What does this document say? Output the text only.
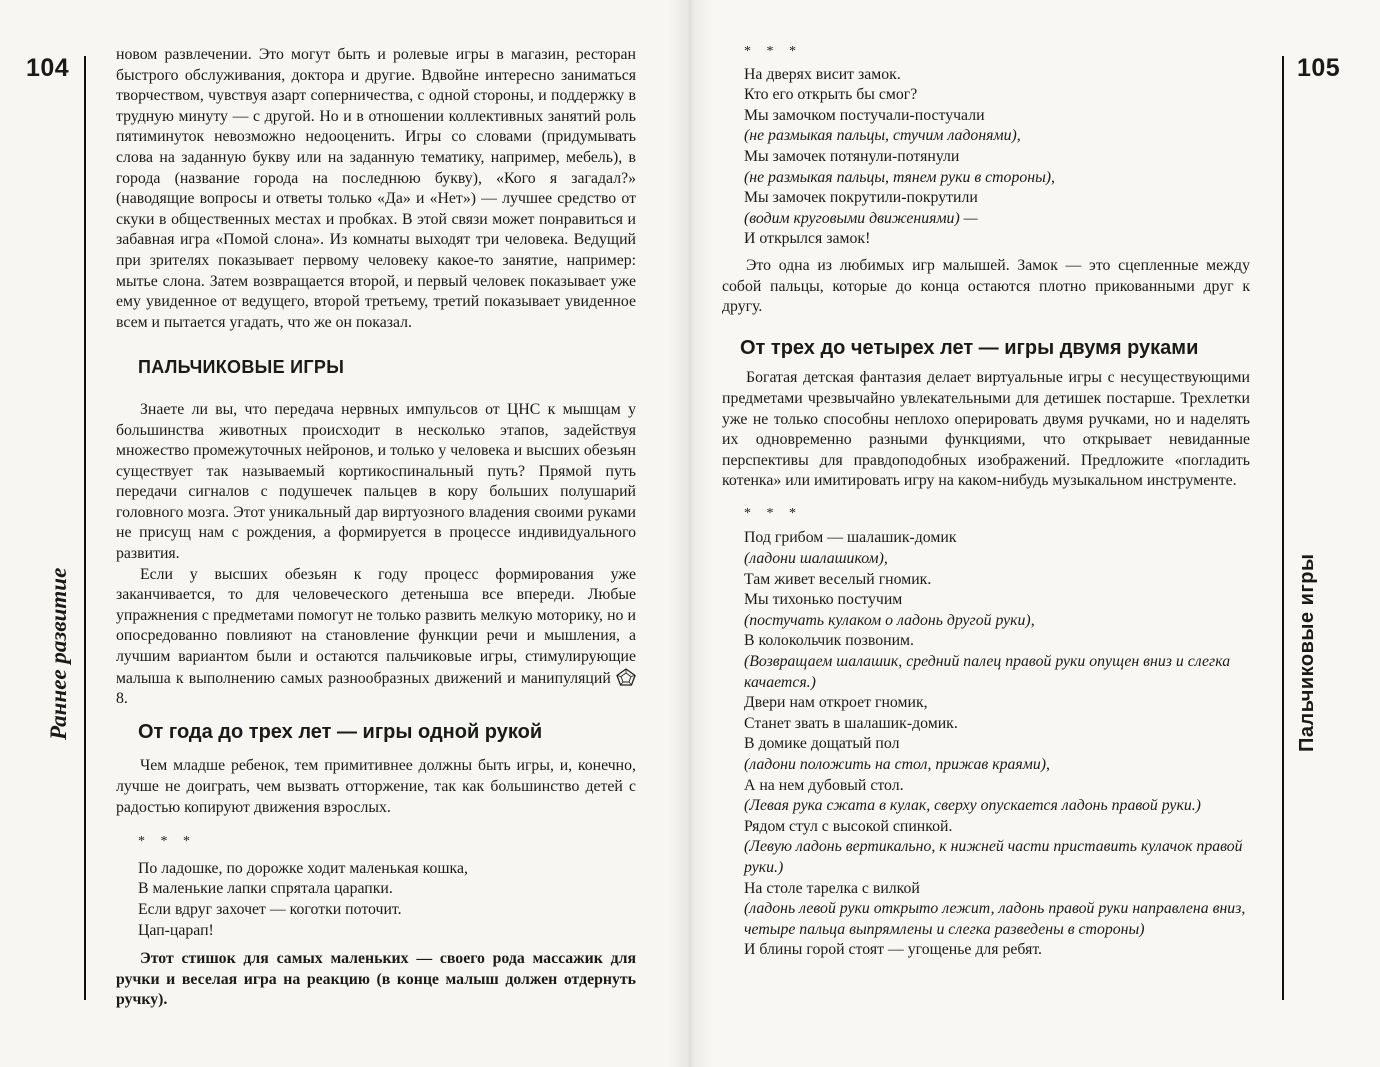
104
Раннее развитие

новом развлечении. Это могут быть и ролевые игры в магазин, ресторан быстрого обслуживания, доктора и другие. Вдвойне интересно заниматься творчеством, чувствуя азарт соперничества, с одной стороны, и поддержку в трудную минуту — с другой. Но и в отношении коллективных занятий роль пятиминуток невозможно недооценить. Игры со словами (придумывать слова на заданную букву или на заданную тематику, например, мебель), в города (название города на последнюю букву), «Кого я загадал?» (наводящие вопросы и ответы только «Да» и «Нет») — лучшее средство от скуки в общественных местах и пробках. В этой связи может понравиться и забавная игра «Помой слона». Из комнаты выходят три человека. Ведущий при зрителях показывает первому человеку какое-то занятие, например: мытье слона. Затем возвращается второй, и первый человек показывает уже ему увиденное от ведущего, второй третьему, третий показывает увиденное всем и пытается угадать, что же он показал.

ПАЛЬЧИКОВЫЕ ИГРЫ

Знаете ли вы, что передача нервных импульсов от ЦНС к мышцам у большинства животных происходит в несколько этапов, задействуя множество промежуточных нейронов, и только у человека и высших обезьян существует так называемый кортикоспинальный путь? Прямой путь передачи сигналов с подушечек пальцев в кору больших полушарий головного мозга. Этот уникальный дар виртуозного владения своими руками не присущ нам с рождения, а формируется в процессе индивидуального развития.

Если у высших обезьян к году процесс формирования уже заканчивается, то для человеческого детеныша все впереди. Любые упражнения с предметами помогут не только развить мелкую моторику, но и опосредованно повлияют на становление функции речи и мышления, а лучшим вариантом были и остаются пальчиковые игры, стимулирующие малыша к выполнению самых разнообразных движений и манипуляций 8.

От года до трех лет — игры одной рукой

Чем младше ребенок, тем примитивнее должны быть игры, и, конечно, лучше не доиграть, чем вызвать отторжение, так как большинство детей с радостью копируют движения взрослых.

* * *

По ладошке, по дорожке ходит маленькая кошка,
В маленькие лапки спрятала царапки.
Если вдруг захочет — коготки поточит.
Цап-царап!

Этот стишок для самых маленьких — своего рода массажик для ручки и веселая игра на реакцию (в конце малыш должен отдернуть ручку).

105
Пальчиковые игры

* * *

На дверях висит замок.
Кто его открыть бы смог?
Мы замочком постучали-постучали
(не размыкая пальцы, стучим ладонями),
Мы замочек потянули-потянули
(не размыкая пальцы, тянем руки в стороны),
Мы замочек покрутили-покрутили
(водим круговыми движениями) —
И открылся замок!

Это одна из любимых игр малышей. Замок — это сцепленные между собой пальцы, которые до конца остаются плотно прикованными друг к другу.

От трех до четырех лет — игры двумя руками

Богатая детская фантазия делает виртуальные игры с несуществующими предметами чрезвычайно увлекательными для детишек постарше. Трехлетки уже не только способны неплохо оперировать двумя ручками, но и наделять их одновременно разными функциями, что открывает невиданные перспективы для правдоподобных изображений. Предложите «погладить котенка» или имитировать игру на каком-нибудь музыкальном инструменте.

* * *

Под грибом — шалашик-домик
(ладони шалашиком),
Там живет веселый гномик.
Мы тихонько постучим
(постучать кулаком о ладонь другой руки),
В колокольчик позвоним.
(Возвращаем шалашик, средний палец правой руки опущен вниз и слегка качается.)
Двери нам откроет гномик,
Станет звать в шалашик-домик.
В домике дощатый пол
(ладони положить на стол, прижав краями),
А на нем дубовый стол.
(Левая рука сжата в кулак, сверху опускается ладонь правой руки.)
Рядом стул с высокой спинкой.
(Левую ладонь вертикально, к нижней части приставить кулачок правой руки.)
На столе тарелка с вилкой
(ладонь левой руки открыто лежит, ладонь правой руки направлена вниз, четыре пальца выпрямлены и слегка разведены в стороны)
И блины горой стоят — угощенье для ребят.
